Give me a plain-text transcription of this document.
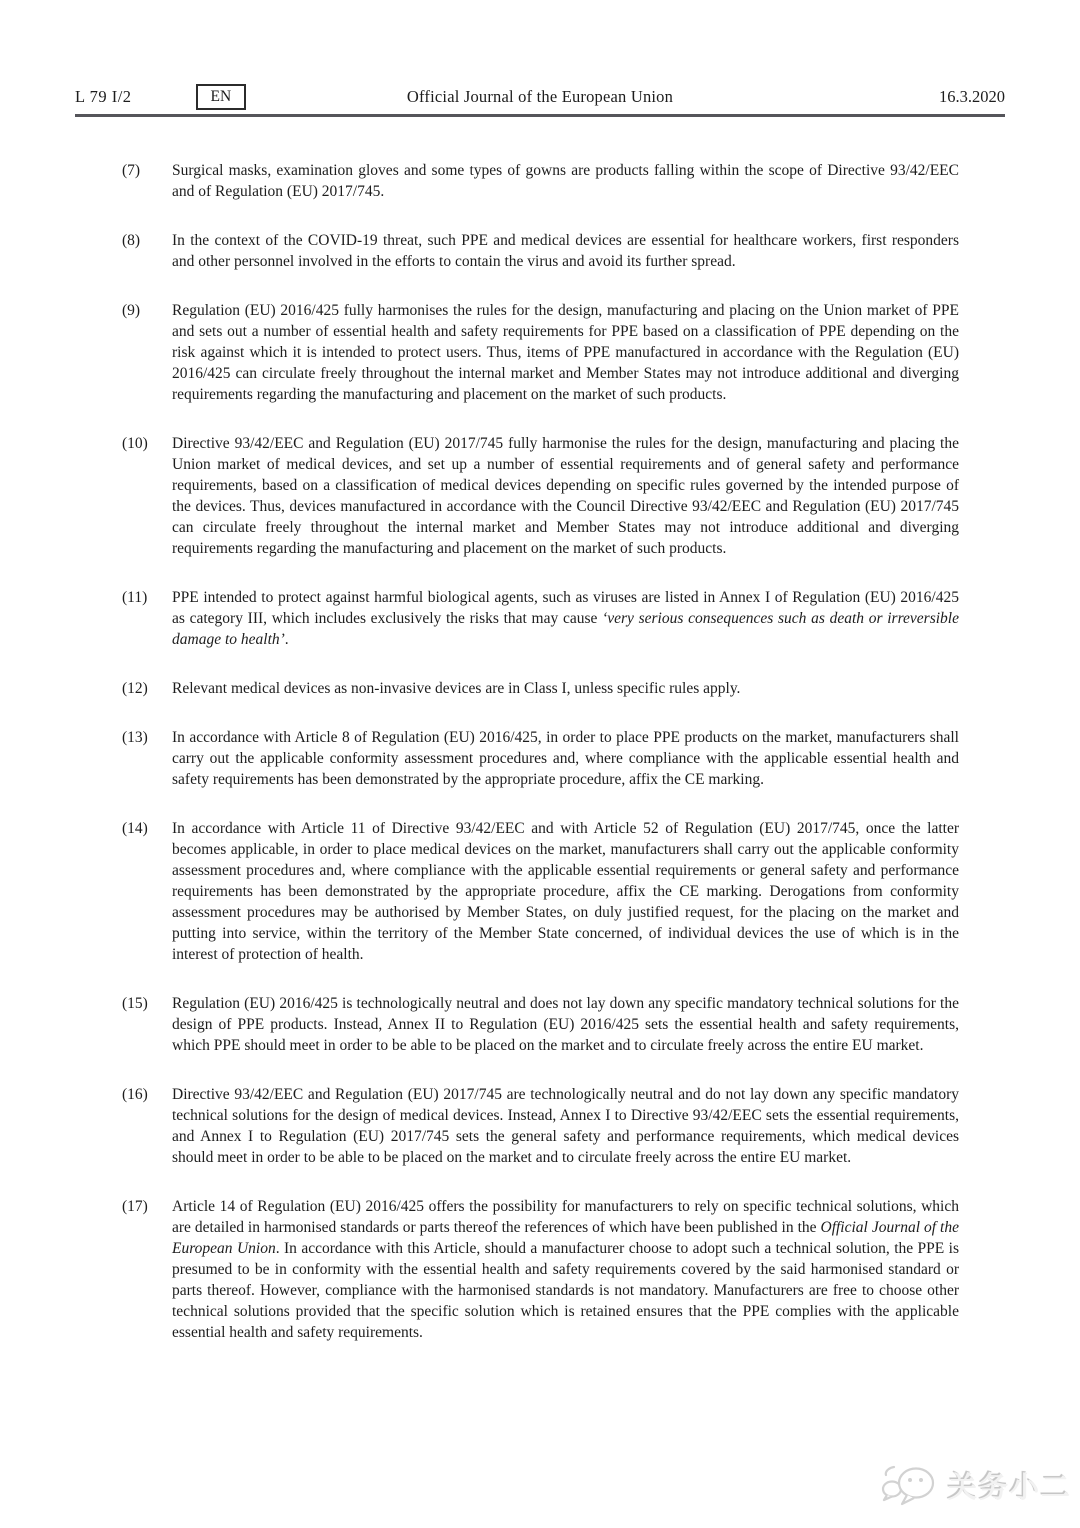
L 79 I/2	EN	Official Journal of the European Union	16.3.2020
(7)	Surgical masks, examination gloves and some types of gowns are products falling within the scope of Directive 93/42/EEC and of Regulation (EU) 2017/745.
(8)	In the context of the COVID-19 threat, such PPE and medical devices are essential for healthcare workers, first responders and other personnel involved in the efforts to contain the virus and avoid its further spread.
(9)	Regulation (EU) 2016/425 fully harmonises the rules for the design, manufacturing and placing on the Union market of PPE and sets out a number of essential health and safety requirements for PPE based on a classification of PPE depending on the risk against which it is intended to protect users. Thus, items of PPE manufactured in accordance with the Regulation (EU) 2016/425 can circulate freely throughout the internal market and Member States may not introduce additional and diverging requirements regarding the manufacturing and placement on the market of such products.
(10)	Directive 93/42/EEC and Regulation (EU) 2017/745 fully harmonise the rules for the design, manufacturing and placing the Union market of medical devices, and set up a number of essential requirements and of general safety and performance requirements, based on a classification of medical devices depending on specific rules governed by the intended purpose of the devices. Thus, devices manufactured in accordance with the Council Directive 93/42/EEC and Regulation (EU) 2017/745 can circulate freely throughout the internal market and Member States may not introduce additional and diverging requirements regarding the manufacturing and placement on the market of such products.
(11)	PPE intended to protect against harmful biological agents, such as viruses are listed in Annex I of Regulation (EU) 2016/425 as category III, which includes exclusively the risks that may cause ‘very serious consequences such as death or irreversible damage to health’.
(12)	Relevant medical devices as non-invasive devices are in Class I, unless specific rules apply.
(13)	In accordance with Article 8 of Regulation (EU) 2016/425, in order to place PPE products on the market, manufacturers shall carry out the applicable conformity assessment procedures and, where compliance with the applicable essential health and safety requirements has been demonstrated by the appropriate procedure, affix the CE marking.
(14)	In accordance with Article 11 of Directive 93/42/EEC and with Article 52 of Regulation (EU) 2017/745, once the latter becomes applicable, in order to place medical devices on the market, manufacturers shall carry out the applicable conformity assessment procedures and, where compliance with the applicable essential requirements or general safety and performance requirements has been demonstrated by the appropriate procedure, affix the CE marking. Derogations from conformity assessment procedures may be authorised by Member States, on duly justified request, for the placing on the market and putting into service, within the territory of the Member State concerned, of individual devices the use of which is in the interest of protection of health.
(15)	Regulation (EU) 2016/425 is technologically neutral and does not lay down any specific mandatory technical solutions for the design of PPE products. Instead, Annex II to Regulation (EU) 2016/425 sets the essential health and safety requirements, which PPE should meet in order to be able to be placed on the market and to circulate freely across the entire EU market.
(16)	Directive 93/42/EEC and Regulation (EU) 2017/745 are technologically neutral and do not lay down any specific mandatory technical solutions for the design of medical devices. Instead, Annex I to Directive 93/42/EEC sets the essential requirements, and Annex I to Regulation (EU) 2017/745 sets the general safety and performance requirements, which medical devices should meet in order to be able to be placed on the market and to circulate freely across the entire EU market.
(17)	Article 14 of Regulation (EU) 2016/425 offers the possibility for manufacturers to rely on specific technical solutions, which are detailed in harmonised standards or parts thereof the references of which have been published in the Official Journal of the European Union. In accordance with this Article, should a manufacturer choose to adopt such a technical solution, the PPE is presumed to be in conformity with the essential health and safety requirements covered by the said harmonised standard or parts thereof. However, compliance with the harmonised standards is not mandatory. Manufacturers are free to choose other technical solutions provided that the specific solution which is retained ensures that the PPE complies with the applicable essential health and safety requirements.
关务小二
